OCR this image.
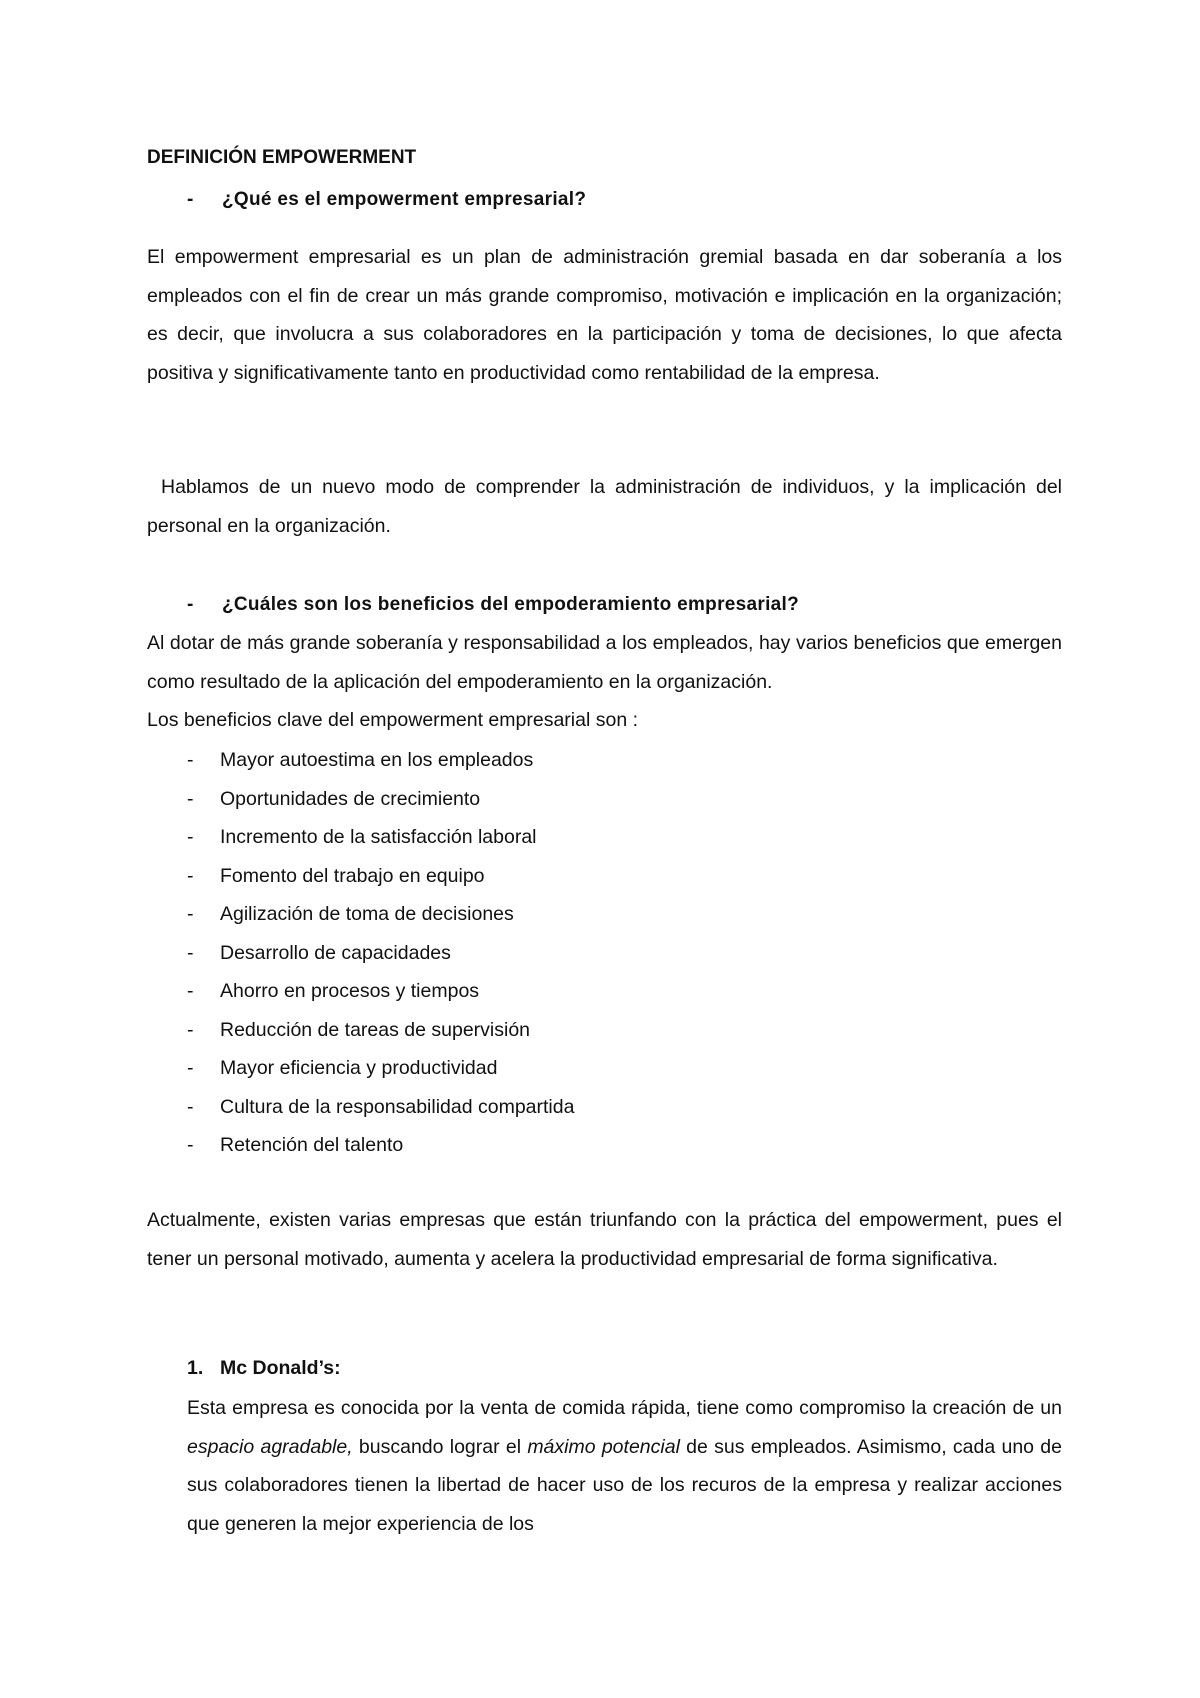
DEFINICIÓN EMPOWERMENT
- ¿Qué es el empowerment empresarial?

El empowerment empresarial es un plan de administración gremial basada en dar soberanía a los empleados con el fin de crear un más grande compromiso, motivación e implicación en la organización; es decir, que involucra a sus colaboradores en la participación y toma de decisiones, lo que afecta positiva y significativamente tanto en productividad como rentabilidad de la empresa.

Hablamos de un nuevo modo de comprender la administración de individuos, y la implicación del personal en la organización.

- ¿Cuáles son los beneficios del empoderamiento empresarial?

Al dotar de más grande soberanía y responsabilidad a los empleados, hay varios beneficios que emergen como resultado de la aplicación del empoderamiento en la organización.
Los beneficios clave del empowerment empresarial son :

-	Mayor autoestima en los empleados
-	Oportunidades de crecimiento
-	Incremento de la satisfacción laboral
-	Fomento del trabajo en equipo
-	Agilización de toma de decisiones
-	Desarrollo de capacidades
-	Ahorro en procesos y tiempos
-	Reducción de tareas de supervisión
-	Mayor eficiencia y productividad
-	Cultura de la responsabilidad compartida
-	Retención del talento

Actualmente, existen varias empresas que están triunfando con la práctica del empowerment, pues el tener un personal motivado, aumenta y acelera la productividad empresarial de forma significativa.

1. Mc Donald’s:

Esta empresa es conocida por la venta de comida rápida, tiene como compromiso la creación de un espacio agradable, buscando lograr el máximo potencial de sus empleados. Asimismo, cada uno de sus colaboradores tienen la libertad de hacer uso de los recuros de la empresa y realizar acciones que generen la mejor experiencia de los
